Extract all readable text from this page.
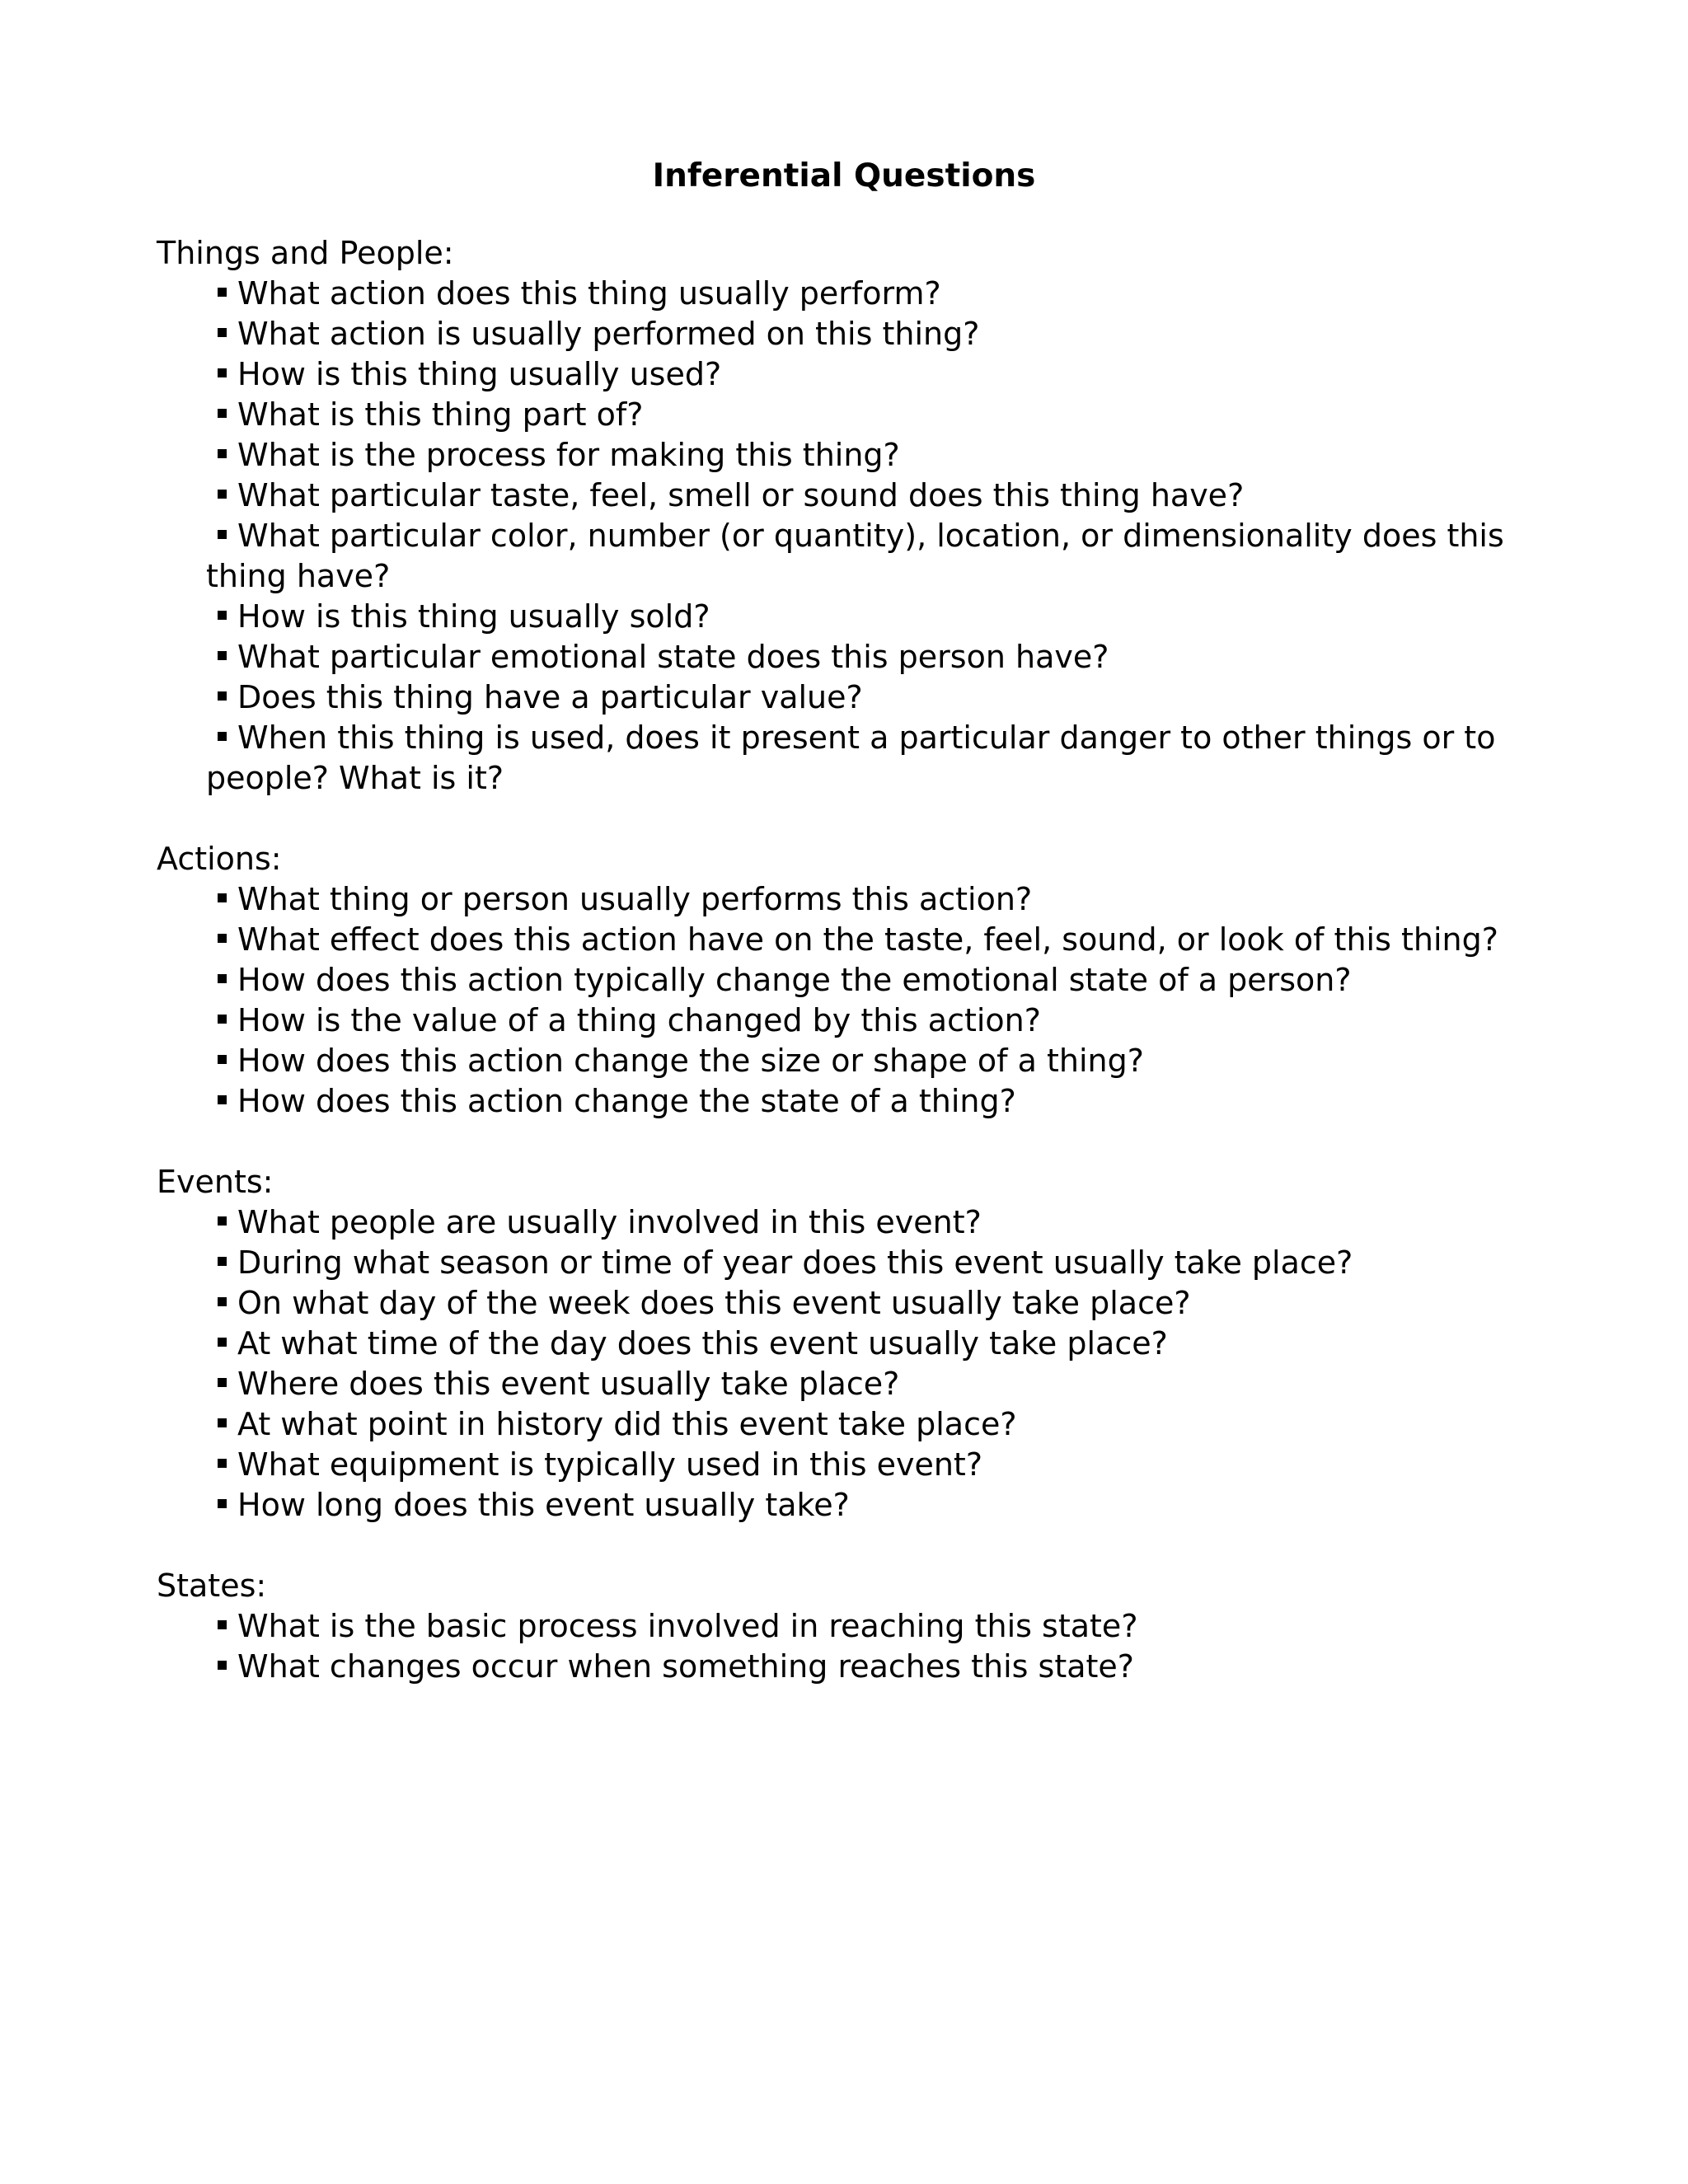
Inferential Questions

Things and People:

What action does this thing usually perform?
What action is usually performed on this thing?
How is this thing usually used?
What is this thing part of?
What is the process for making this thing?
What particular taste, feel, smell or sound does this thing have?
What particular color, number (or quantity), location, or dimensionality does this thing have?
How is this thing usually sold?
What particular emotional state does this person have?
Does this thing have a particular value?
When this thing is used, does it present a particular danger to other things or to people? What is it?

Actions:

What thing or person usually performs this action?
What effect does this action have on the taste, feel, sound, or look of this thing?
How does this action typically change the emotional state of a person?
How is the value of a thing changed by this action?
How does this action change the size or shape of a thing?
How does this action change the state of a thing?

Events:

What people are usually involved in this event?
During what season or time of year does this event usually take place?
On what day of the week does this event usually take place?
At what time of the day does this event usually take place?
Where does this event usually take place?
At what point in history did this event take place?
What equipment is typically used in this event?
How long does this event usually take?

States:

What is the basic process involved in reaching this state?
What changes occur when something reaches this state?
